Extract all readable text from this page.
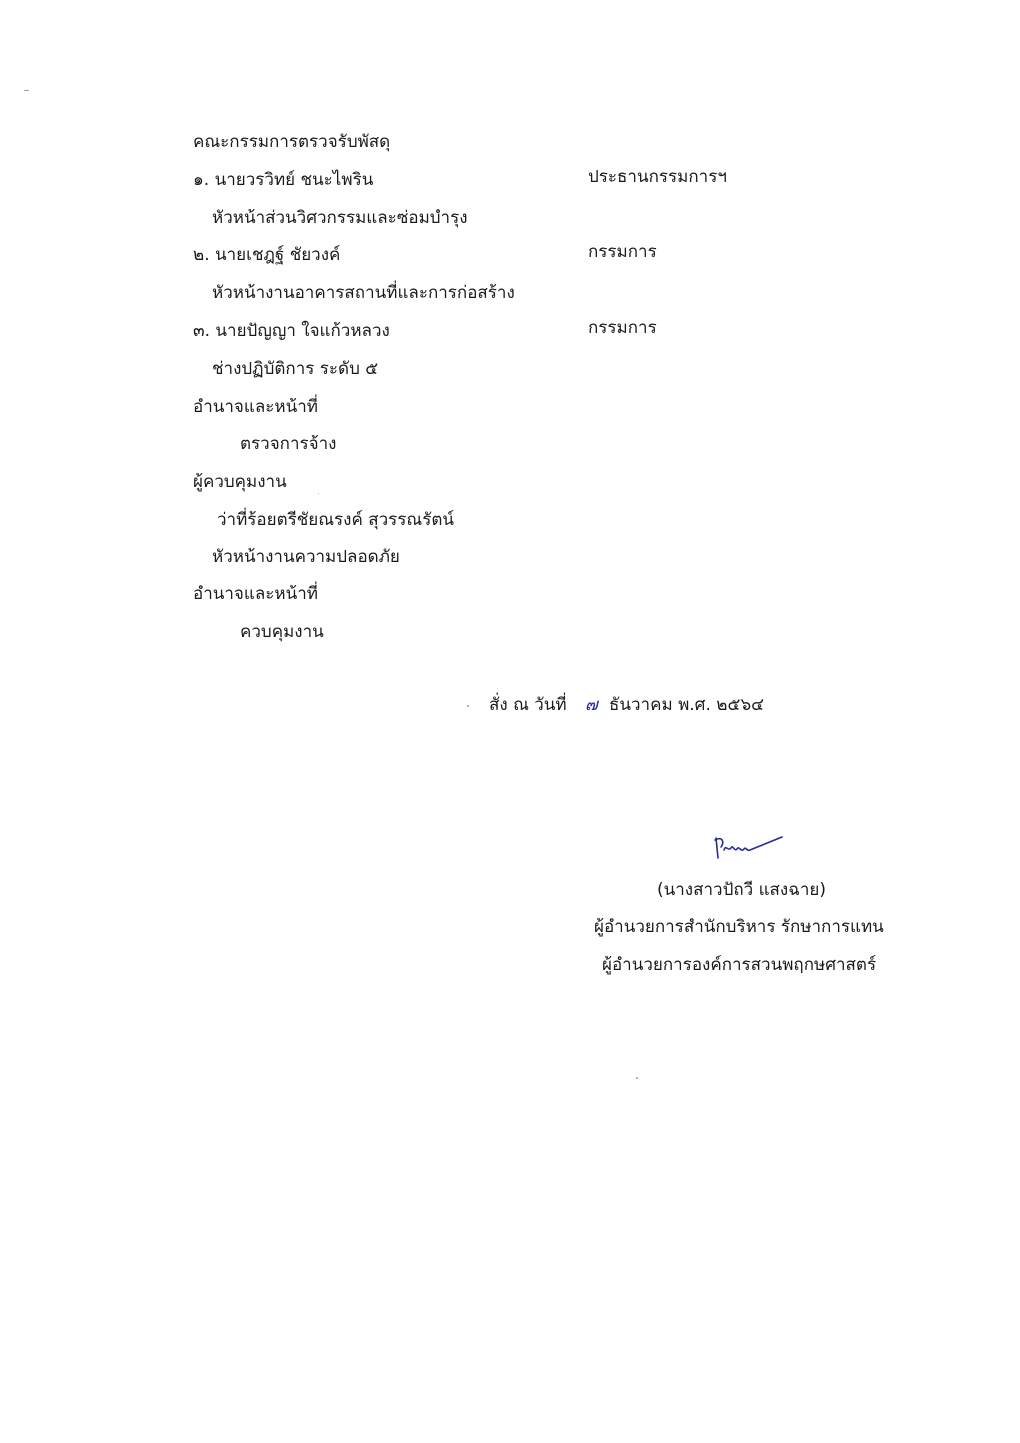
คณะกรรมการตรวจรับพัสดุ
๑. นายวรวิทย์ ชนะไพริน	ประธานกรรมการฯ
หัวหน้าส่วนวิศวกรรมและซ่อมบำรุง
๒. นายเชฎฐ์ ชัยวงค์	กรรมการ
หัวหน้างานอาคารสถานที่และการก่อสร้าง
๓. นายปัญญา ใจแก้วหลวง	กรรมการ
ช่างปฏิบัติการ ระดับ ๕
อำนาจและหน้าที่
ตรวจการจ้าง
ผู้ควบคุมงาน
ว่าที่ร้อยตรีชัยณรงค์ สุวรรณรัตน์
หัวหน้างานความปลอดภัย
อำนาจและหน้าที่
ควบคุมงาน
สั่ง ณ วันที่ ๗ ธันวาคม พ.ศ. ๒๕๖๔
(นางสาวปัถวี แสงฉาย)
ผู้อำนวยการสำนักบริหาร รักษาการแทน
ผู้อำนวยการองค์การสวนพฤกษศาสตร์
